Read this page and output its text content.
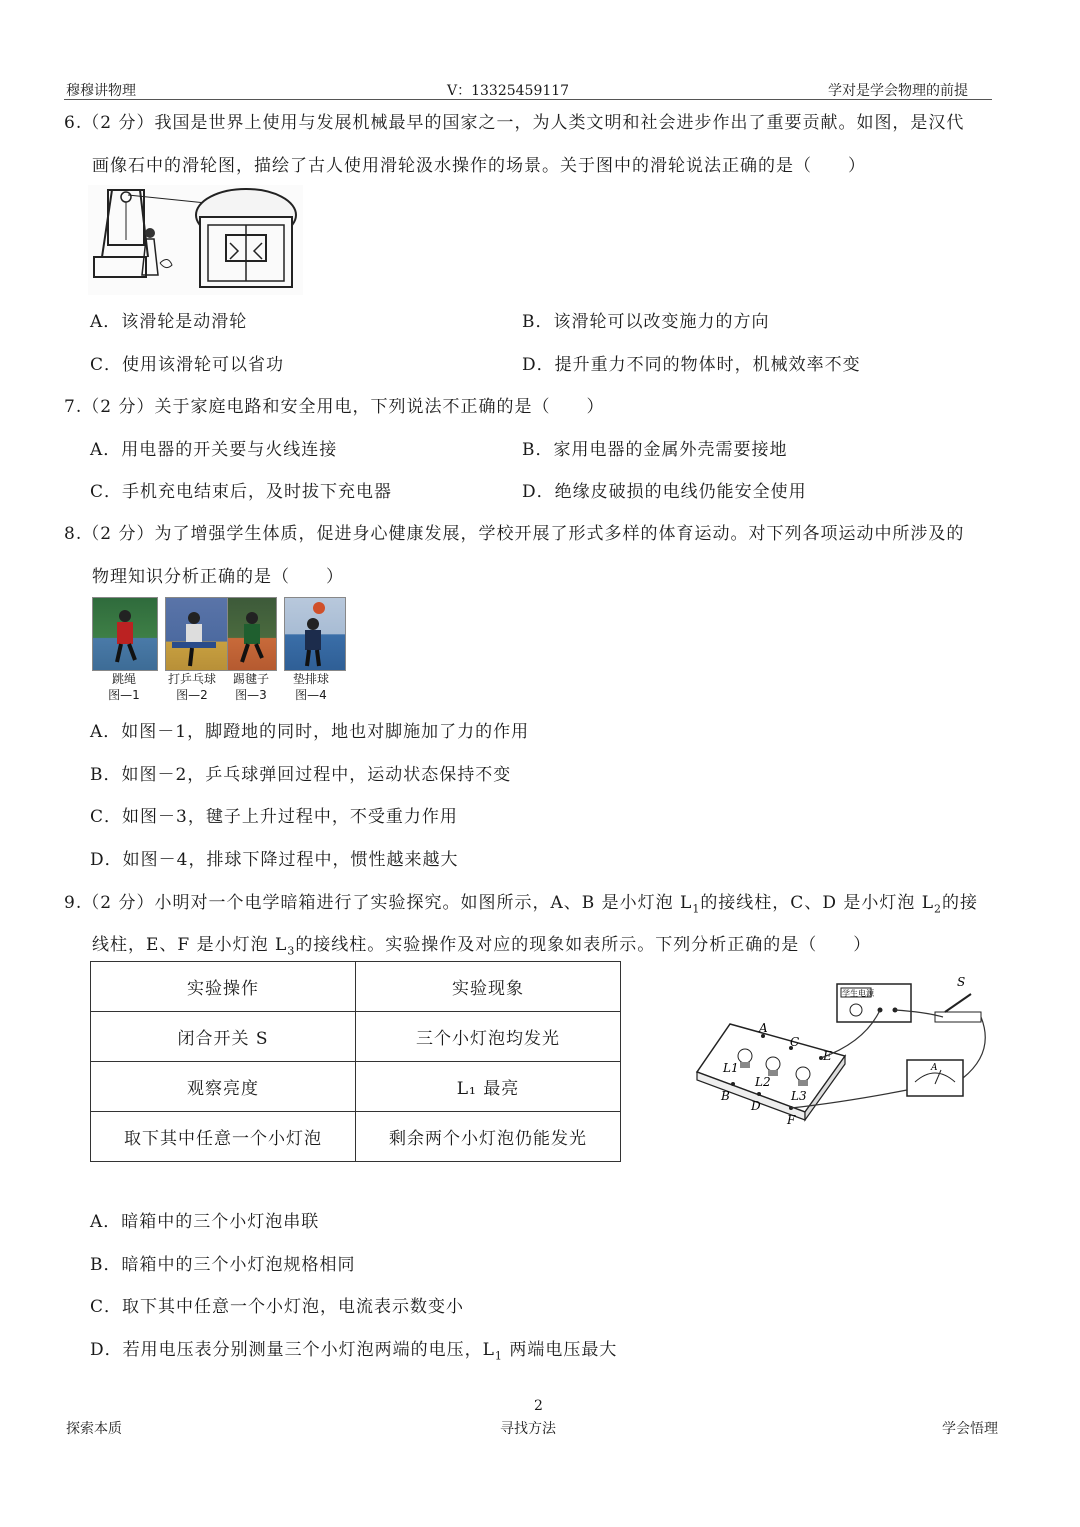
穆穆讲物理	V：13325459117	学对是学会物理的前提
6.（2 分）我国是世界上使用与发展机械最早的国家之一，为人类文明和社会进步作出了重要贡献。如图，是汉代
画像石中的滑轮图，描绘了古人使用滑轮汲水操作的场景。关于图中的滑轮说法正确的是（　　）
A．该滑轮是动滑轮	B．该滑轮可以改变施力的方向
C．使用该滑轮可以省功	D．提升重力不同的物体时，机械效率不变
7.（2 分）关于家庭电路和安全用电，下列说法不正确的是（　　）
A．用电器的开关要与火线连接	B．家用电器的金属外壳需要接地
C．手机充电结束后，及时拔下充电器	D．绝缘皮破损的电线仍能安全使用
8.（2 分）为了增强学生体质，促进身心健康发展，学校开展了形式多样的体育运动。对下列各项运动中所涉及的
物理知识分析正确的是（　　）
跳绳
图—1
打乒乓球
图—2
踢毽子
图—3
垫排球
图—4
A．如图－1，脚蹬地的同时，地也对脚施加了力的作用
B．如图－2，乒乓球弹回过程中，运动状态保持不变
C．如图－3，毽子上升过程中，不受重力作用
D．如图－4，排球下降过程中，惯性越来越大
9.（2 分）小明对一个电学暗箱进行了实验探究。如图所示，A、B 是小灯泡 $L_1$的接线柱，C、D 是小灯泡 $L_2$的接
线柱，E、F 是小灯泡 $L_3$的接线柱。实验操作及对应的现象如表所示。下列分析正确的是（　　）
实验操作	实验现象
闭合开关 S	三个小灯泡均发光
观察亮度	L₁ 最亮
取下其中任意一个小灯泡	剩余两个小灯泡仍能发光
A
C
E
B
D
F
L1
L2
L3
学生电源
S
A
A．暗箱中的三个小灯泡串联
B．暗箱中的三个小灯泡规格相同
C．取下其中任意一个小灯泡，电流表示数变小
D．若用电压表分别测量三个小灯泡两端的电压，$L_1$ 两端电压最大
2
探索本质	寻找方法	学会悟理
